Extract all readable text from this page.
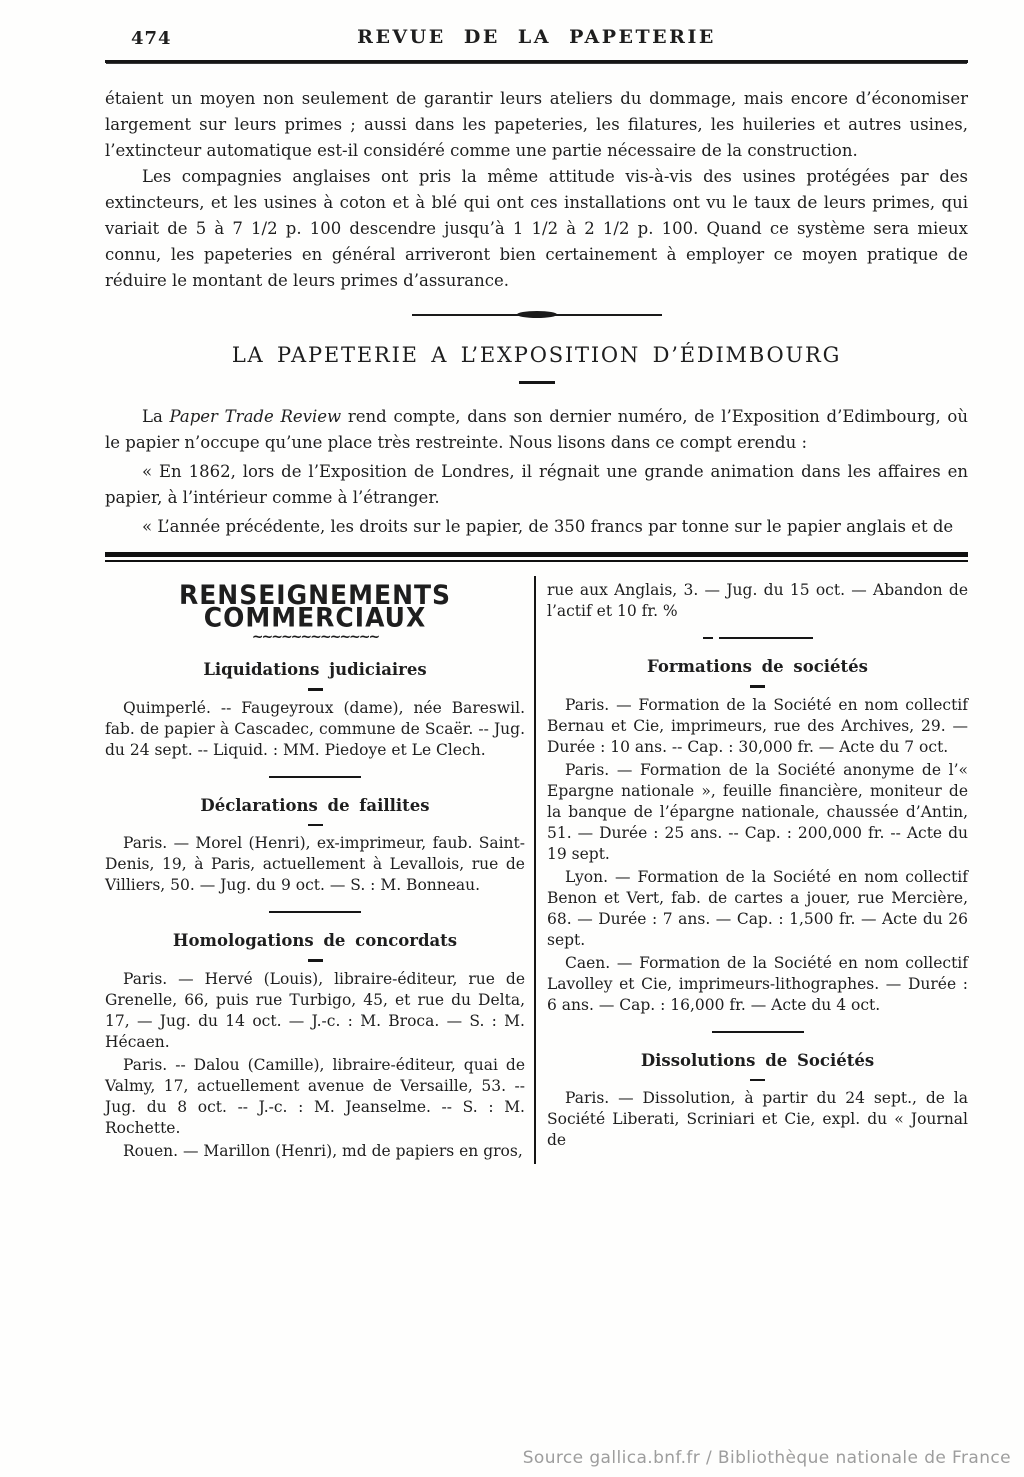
474	REVUE DE LA PAPETERIE

étaient un moyen non seulement de garantir leurs ateliers du dommage, mais encore d’économiser largement sur leurs primes ; aussi dans les papeteries, les filatures, les huileries et autres usines, l’extincteur automatique est-il considéré comme une partie nécessaire de la construction.

Les compagnies anglaises ont pris la même attitude vis-à-vis des usines protégées par des extincteurs, et les usines à coton et à blé qui ont ces installations ont vu le taux de leurs primes, qui variait de 5 à 7 1/2 p. 100 descendre jusqu’à 1 1/2 à 2 1/2 p. 100. Quand ce système sera mieux connu, les papeteries en général arriveront bien certainement à employer ce moyen pratique de réduire le montant de leurs primes d’assurance.

LA PAPETERIE A L’EXPOSITION D’ÉDIMBOURG

La Paper Trade Review rend compte, dans son dernier numéro, de l’Exposition d’Edimbourg, où le papier n’occupe qu’une place très restreinte. Nous lisons dans ce compt erendu :

« En 1862, lors de l’Exposition de Londres, il régnait une grande animation dans les affaires en papier, à l’intérieur comme à l’étranger.

« L’année précédente, les droits sur le papier, de 350 francs par tonne sur le papier anglais et de

RENSEIGNEMENTS COMMERCIAUX
~~~~~~~~~~~~~
Liquidations judiciaires

Quimperlé. -- Faugeyroux (dame), née Bareswil. fab. de papier à Cascadec, commune de Scaër. -- Jug. du 24 sept. -- Liquid. : MM. Piedoye et Le Clech.

Déclarations de faillites

Paris. — Morel (Henri), ex-imprimeur, faub. Saint-Denis, 19, à Paris, actuellement à Levallois, rue de Villiers, 50. — Jug. du 9 oct. — S. : M. Bonneau.

Homologations de concordats

Paris. — Hervé (Louis), libraire-éditeur, rue de Grenelle, 66, puis rue Turbigo, 45, et rue du Delta, 17, — Jug. du 14 oct. — J.-c. : M. Broca. — S. : M. Hécaen.

Paris. -- Dalou (Camille), libraire-éditeur, quai de Valmy, 17, actuellement avenue de Versaille, 53. -- Jug. du 8 oct. -- J.-c. : M. Jeanselme. -- S. : M. Rochette.

Rouen. — Marillon (Henri), md de papiers en gros,

rue aux Anglais, 3. — Jug. du 15 oct. — Abandon de l’actif et 10 fr. %

Formations de sociétés

Paris. — Formation de la Société en nom collectif Bernau et Cie, imprimeurs, rue des Archives, 29. — Durée : 10 ans. -- Cap. : 30,000 fr. — Acte du 7 oct.

Paris. — Formation de la Société anonyme de l’« Epargne nationale », feuille financière, moniteur de la banque de l’épargne nationale, chaussée d’Antin, 51. — Durée : 25 ans. -- Cap. : 200,000 fr. -- Acte du 19 sept.

Lyon. — Formation de la Société en nom collectif Benon et Vert, fab. de cartes a jouer, rue Mercière, 68. — Durée : 7 ans. — Cap. : 1,500 fr. — Acte du 26 sept.

Caen. — Formation de la Société en nom collectif Lavolley et Cie, imprimeurs-lithographes. — Durée : 6 ans. — Cap. : 16,000 fr. — Acte du 4 oct.

Dissolutions de Sociétés

Paris. — Dissolution, à partir du 24 sept., de la Société Liberati, Scriniari et Cie, expl. du « Journal de

Source gallica.bnf.fr / Bibliothèque nationale de France
